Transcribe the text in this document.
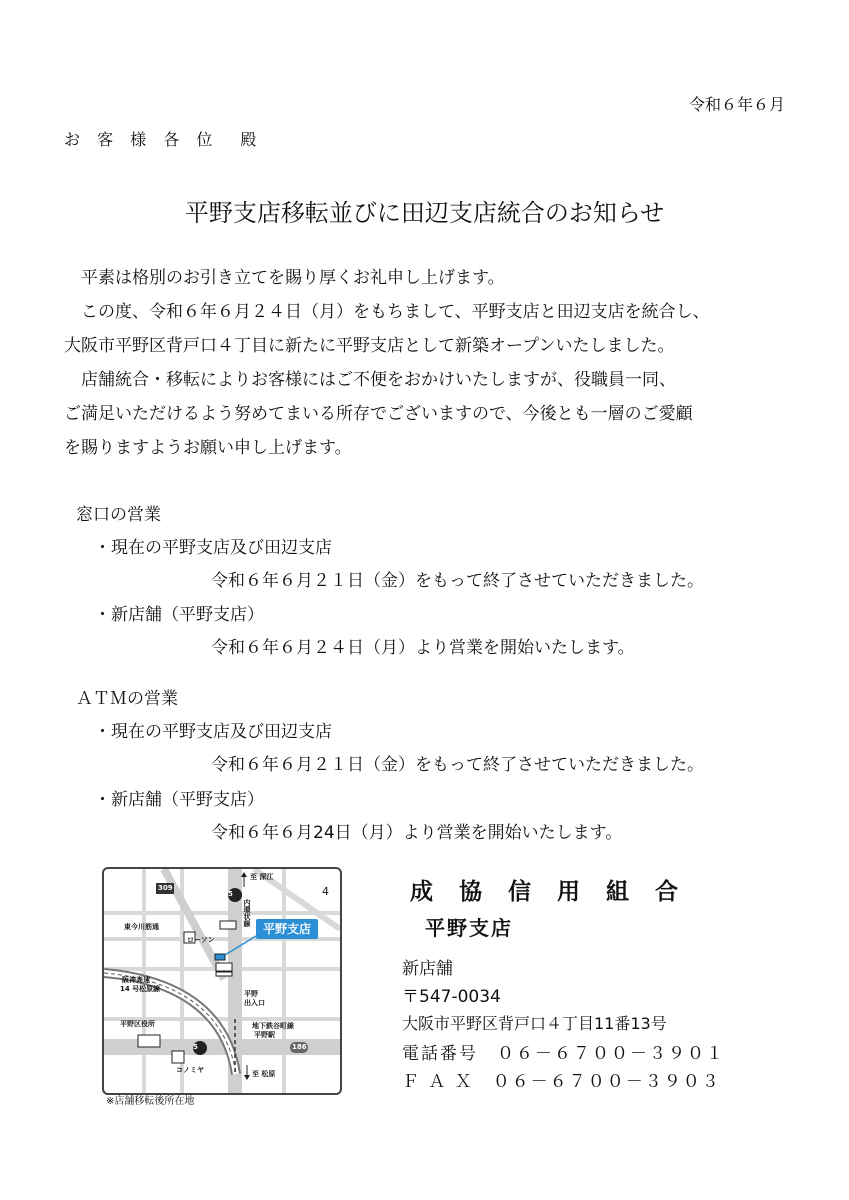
令和６年６月
お 客 様 各 位　殿
平野支店移転並びに田辺支店統合のお知らせ

　平素は格別のお引き立てを賜り厚くお礼申し上げます。

　この度、令和６年６月２４日（月）をもちまして、平野支店と田辺支店を統合し、

大阪市平野区背戸口４丁目に新たに平野支店として新築オープンいたしました。

　店舗統合・移転によりお客様にはご不便をおかけいたしますが、役職員一同、

ご満足いただけるよう努めてまいる所存でございますので、今後とも一層のご愛顧

を賜りますようお願い申し上げます。

窓口の営業
・現在の平野支店及び田辺支店
令和６年６月２１日（金）をもって終了させていただきました。
・新店舗（平野支店）
令和６年６月２４日（月）より営業を開始いたします。
ＡＴＭの営業
・現在の平野支店及び田辺支店
令和６年６月２１日（金）をもって終了させていただきました。
・新店舗（平野支店）
令和６年６月24日（月）より営業を開始いたします。
5
5	186
309
至 深江
至 松原
4
東今川筋通
ローソン
阪神高速
14 号松原線
内環状線
平野
出入口
平野区役所	地下鉄谷町線
平野駅
コノミヤ
平野支店
※店舗移転後所在地
成 協 信 用 組 合
平野支店
新店舗
〒547-0034
大阪市平野区背戸口４丁目11番13号
電話番号　０６－６７００－３９０１
Ｆ Ａ Ｘ　０６－６７００－３９０３
